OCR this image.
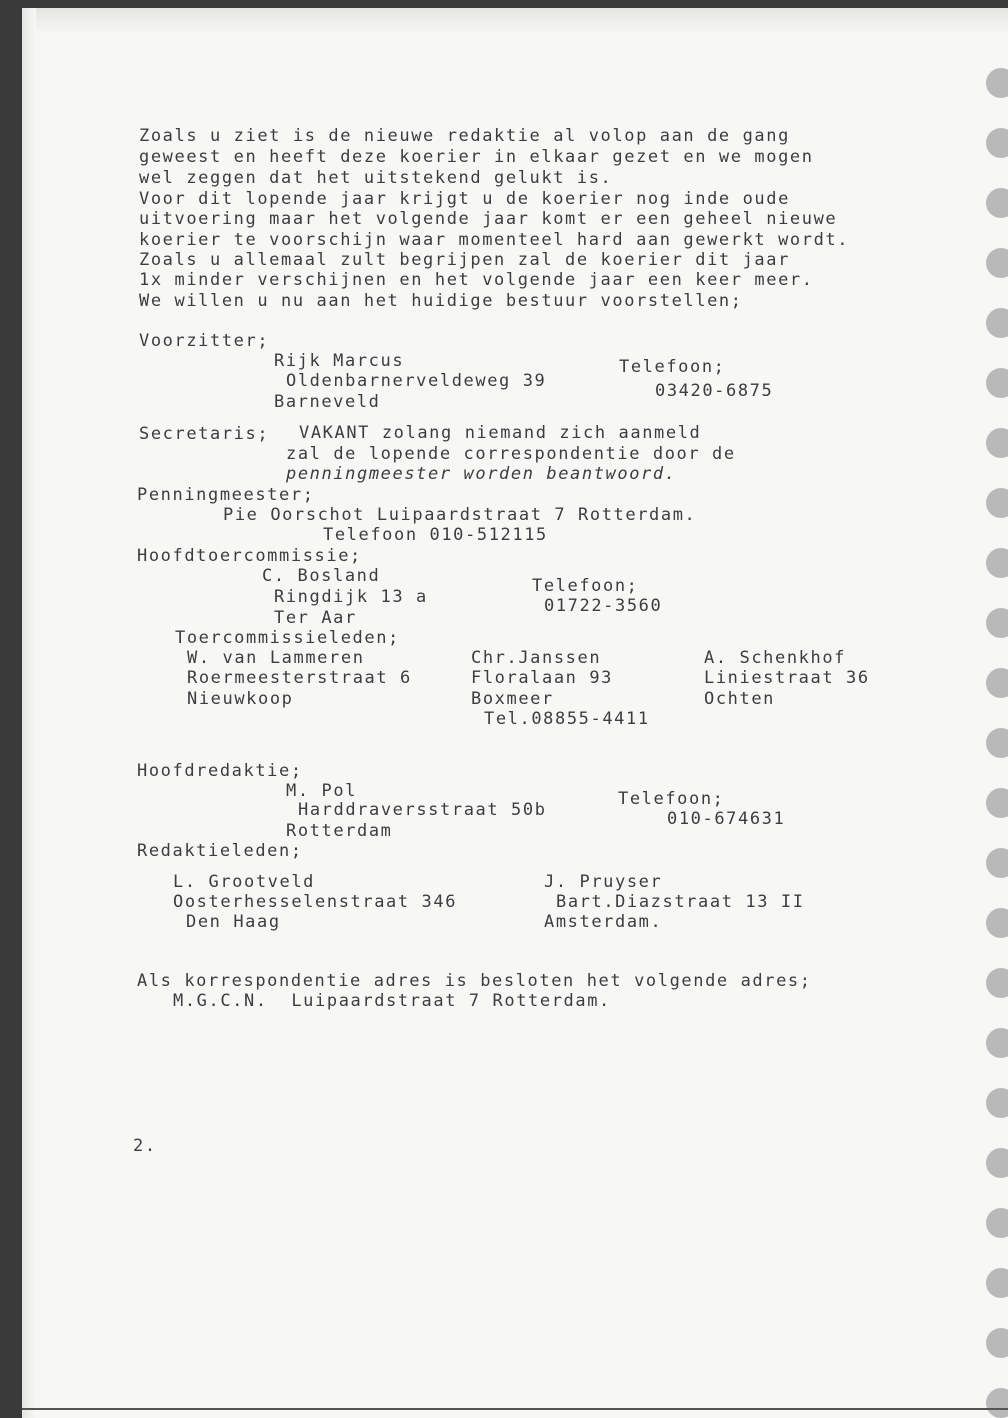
Zoals u ziet is de nieuwe redaktie al volop aan de gang
geweest en heeft deze koerier in elkaar gezet en we mogen
wel zeggen dat het uitstekend gelukt is.
Voor dit lopende jaar krijgt u de koerier nog inde oude
uitvoering maar het volgende jaar komt er een geheel nieuwe
koerier te voorschijn waar momenteel hard aan gewerkt wordt.
Zoals u allemaal zult begrijpen zal de koerier dit jaar
1x minder verschijnen en het volgende jaar een keer meer.
We willen u nu aan het huidige bestuur voorstellen;
Voorzitter;
Rijk Marcus
Oldenbarnerveldeweg 39
Barneveld
Telefoon;
03420-6875
Secretaris; VAKANT zolang niemand zich aanmeld
zal de lopende correspondentie door de
penningmeester worden beantwoord.
Penningmeester;
Pie Oorschot Luipaardstraat 7 Rotterdam.
Telefoon 010-512115
Hoofdtoercommissie;
C. Bosland
Ringdijk 13 a
Ter Aar
Telefoon;
01722-3560
Toercommissieleden;
W. van Lammeren
Roermeesterstraat 6
Nieuwkoop
Chr.Janssen
Floralaan 93
Boxmeer
Tel.08855-4411
A. Schenkhof
Liniestraat 36
Ochten
Hoofdredaktie;
M. Pol
Harddraversstraat 50b
Rotterdam
Telefoon;
010-674631
Redaktieleden;
L. Grootveld
Oosterhesselenstraat 346
Den Haag
J. Pruyser
Bart.Diazstraat 13 II
Amsterdam.
Als korrespondentie adres is besloten het volgende adres;
M.G.C.N.  Luipaardstraat 7 Rotterdam.
2.
